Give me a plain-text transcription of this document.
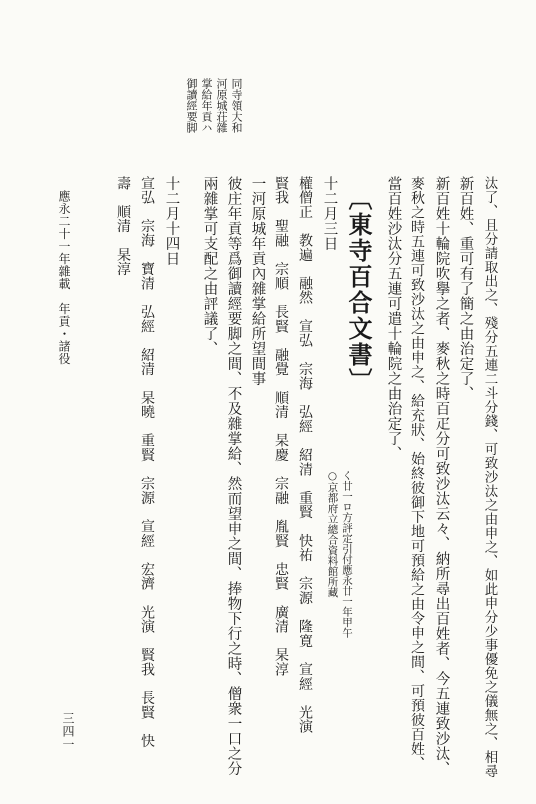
同寺領大和
河原城荘雜
掌給年貢ハ
御讀經要脚
汰了、且分請取出之、殘分五連二斗分錢、可致沙汰之由申之、如此申分少事優免之儀無之、相尋
新百姓、重可有了簡之由治定了、
新百姓十輪院吹擧之者、麥秋之時百疋分可致沙汰云々、納所尋出百姓者、今五連致沙汰、
麥秋之時五連可致沙汰之由申之、給充狀、始終彼御下地可預給之由令申之間、可預彼百姓、
當百姓沙汰分五連可遣十輪院之由治定了、
十二月三日
權僧正　教遍　融然　宣弘　宗海　弘經　紹清　重賢　快祐　宗源　隆寛　宣經　光演
賢我　聖融　宗順　長賢　融覺　順清　杲慶　宗融　胤賢　忠賢　廣清　杲淳
一河原城年貢內雜掌給所望間事
彼庄年貢等爲御讀經要脚之間、不及雜掌給、然而望申之間、捧物下行之時、僧衆一口之分
兩雜掌可支配之由評議了、
十二月十四日
宣弘　宗海　寶清　弘經　紹清　杲曉　重賢　宗源　宣經　宏濟　光演　賢我　長賢　快
壽　順清　杲淳	〔東寺百合文書〕
く廿一ロ方評定引付應永廿一年甲午
○京都府立總合資料館所藏
應永二十一年雜載　年貢・諸役
三四一
